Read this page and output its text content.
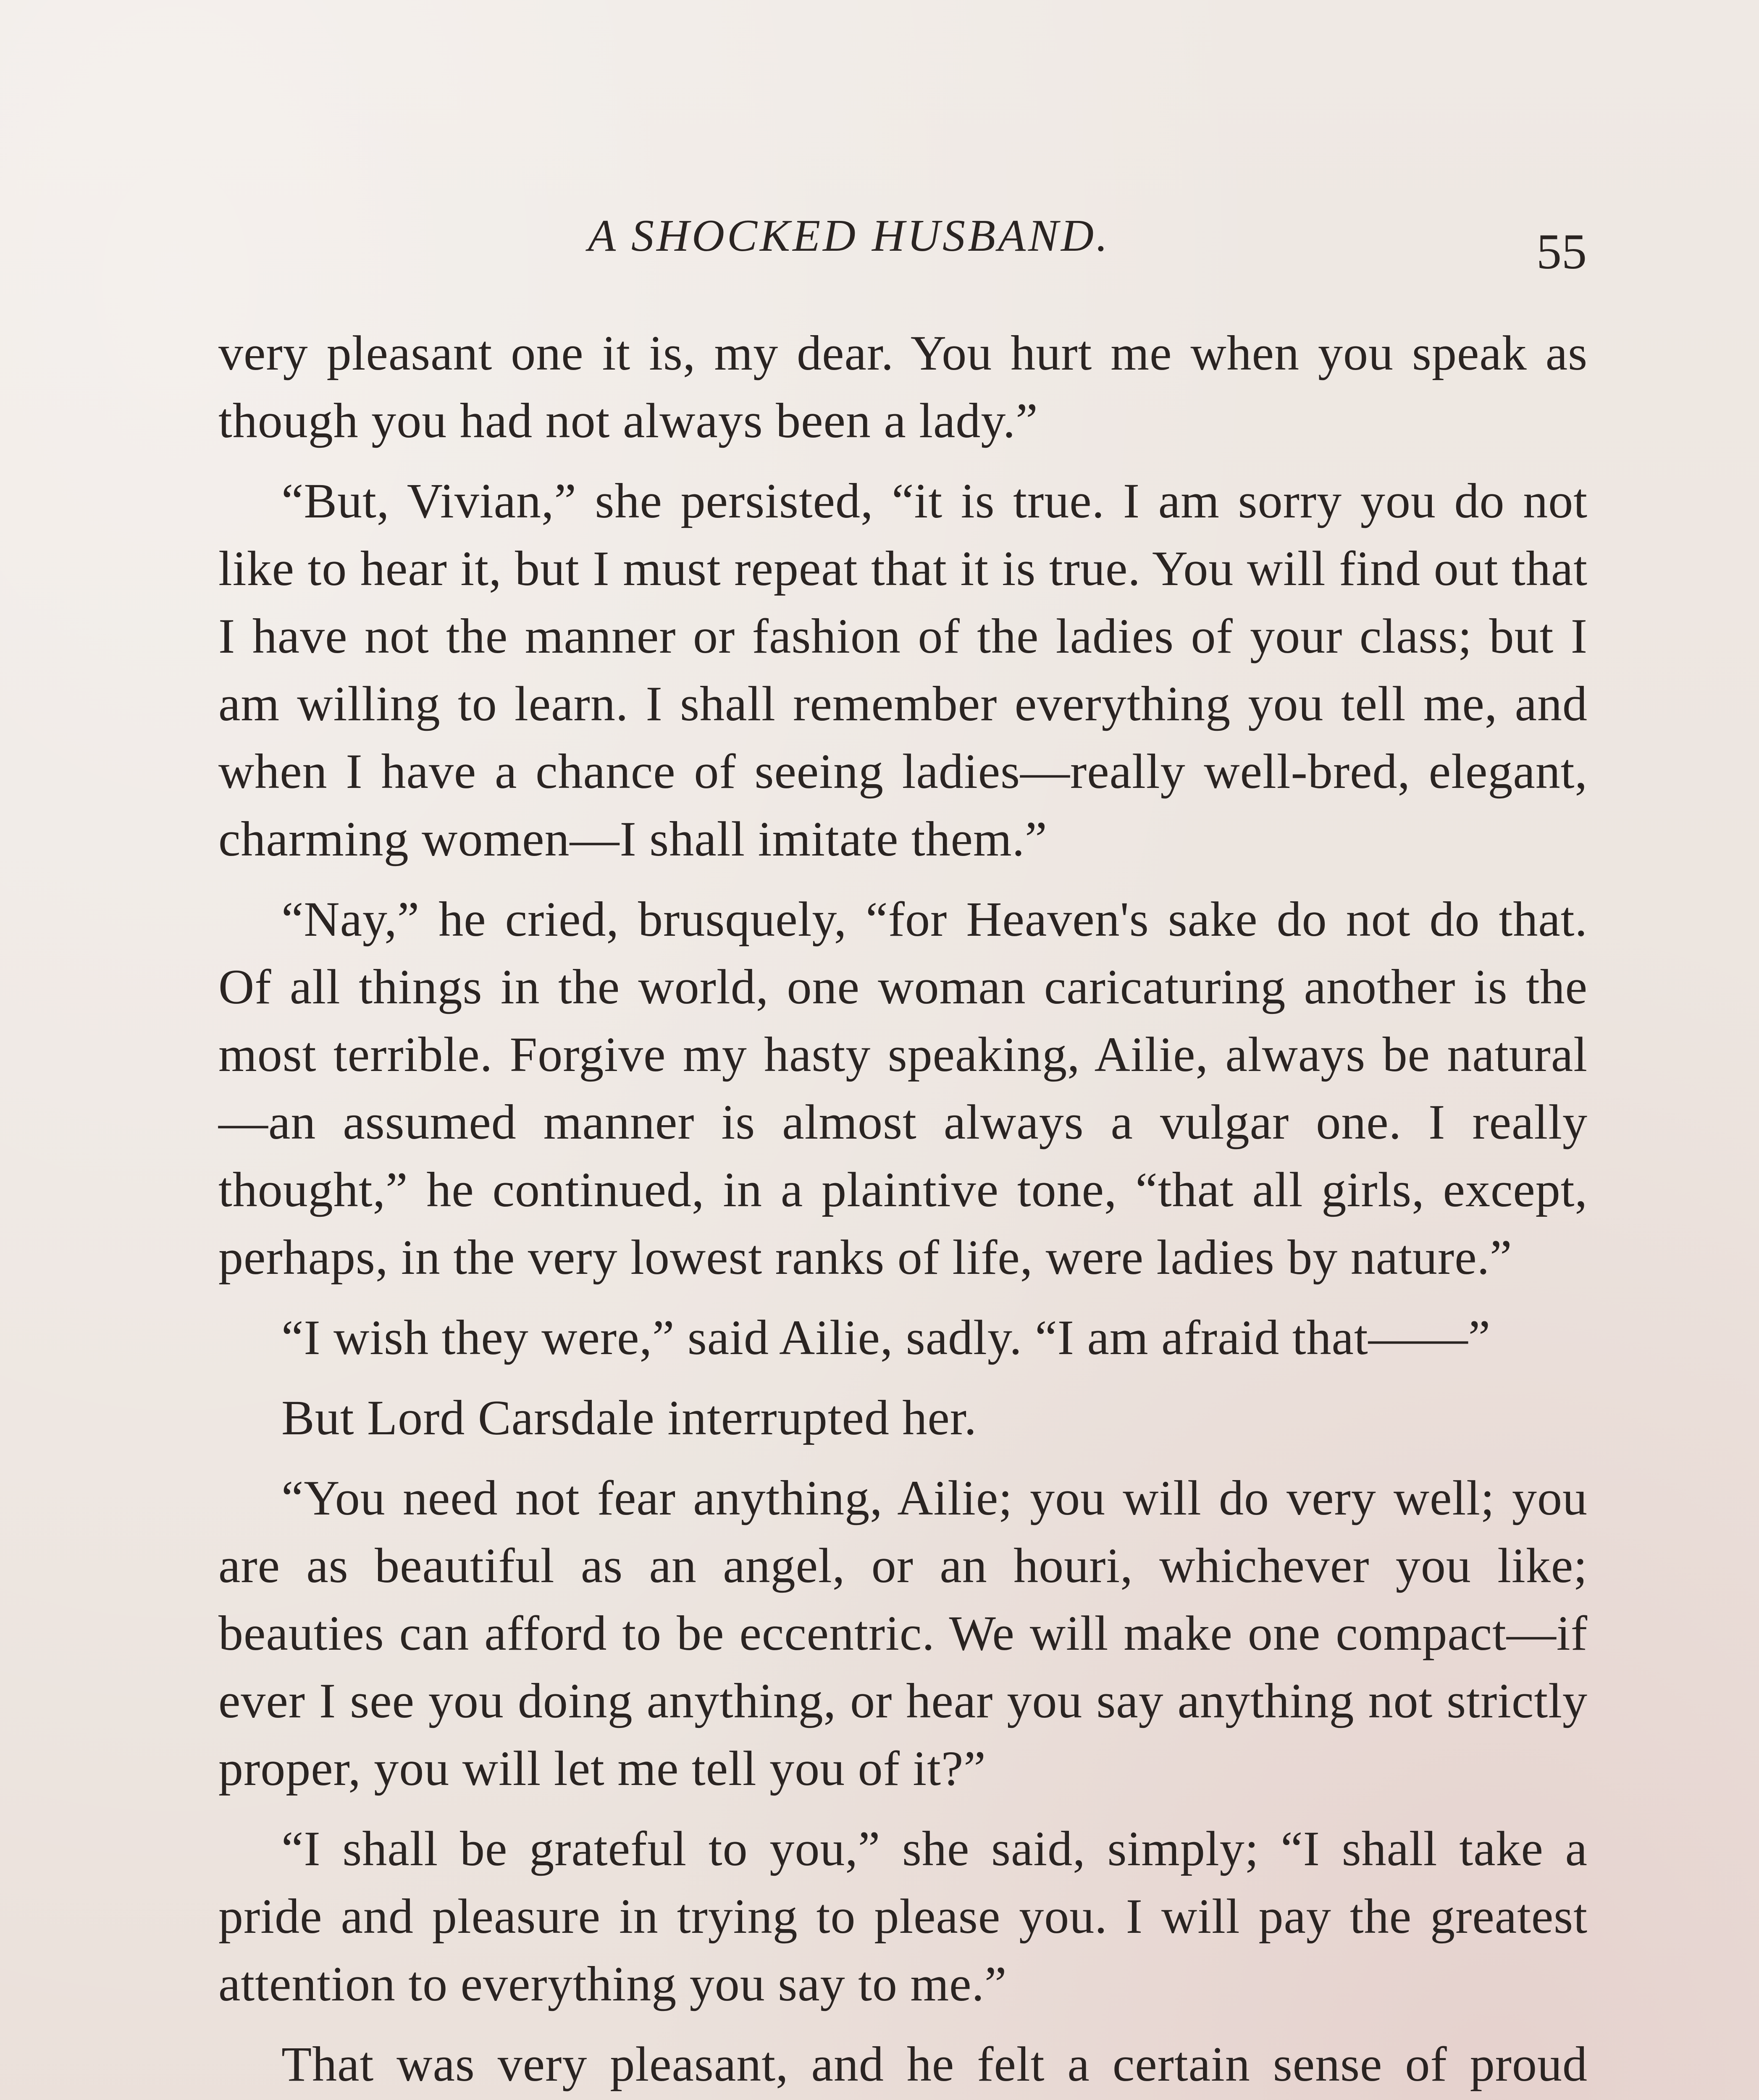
A SHOCKED HUSBAND.	55

very pleasant one it is, my dear. You hurt me when you speak as though you had not always been a lady.”

“But, Vivian,” she persisted, “it is true. I am sorry you do not like to hear it, but I must repeat that it is true. You will find out that I have not the manner or fashion of the ladies of your class; but I am willing to learn. I shall remember everything you tell me, and when I have a chance of seeing ladies—really well-bred, elegant, charming women—I shall imitate them.”

“Nay,” he cried, brusquely, “for Heaven's sake do not do that. Of all things in the world, one woman caricaturing another is the most terrible. Forgive my hasty speaking, Ailie, always be natural—an assumed manner is almost always a vulgar one. I really thought,” he continued, in a plaintive tone, “that all girls, except, perhaps, in the very lowest ranks of life, were ladies by nature.”

“I wish they were,” said Ailie, sadly. “I am afraid that——”

But Lord Carsdale interrupted her.

“You need not fear anything, Ailie; you will do very well; you are as beautiful as an angel, or an houri, whichever you like; beauties can afford to be eccentric. We will make one compact—if ever I see you doing anything, or hear you say anything not strictly proper, you will let me tell you of it?”

“I shall be grateful to you,” she said, simply; “I shall take a pride and pleasure in trying to please you. I will pay the greatest attention to everything you say to me.”

That was very pleasant, and he felt a certain sense of proud
